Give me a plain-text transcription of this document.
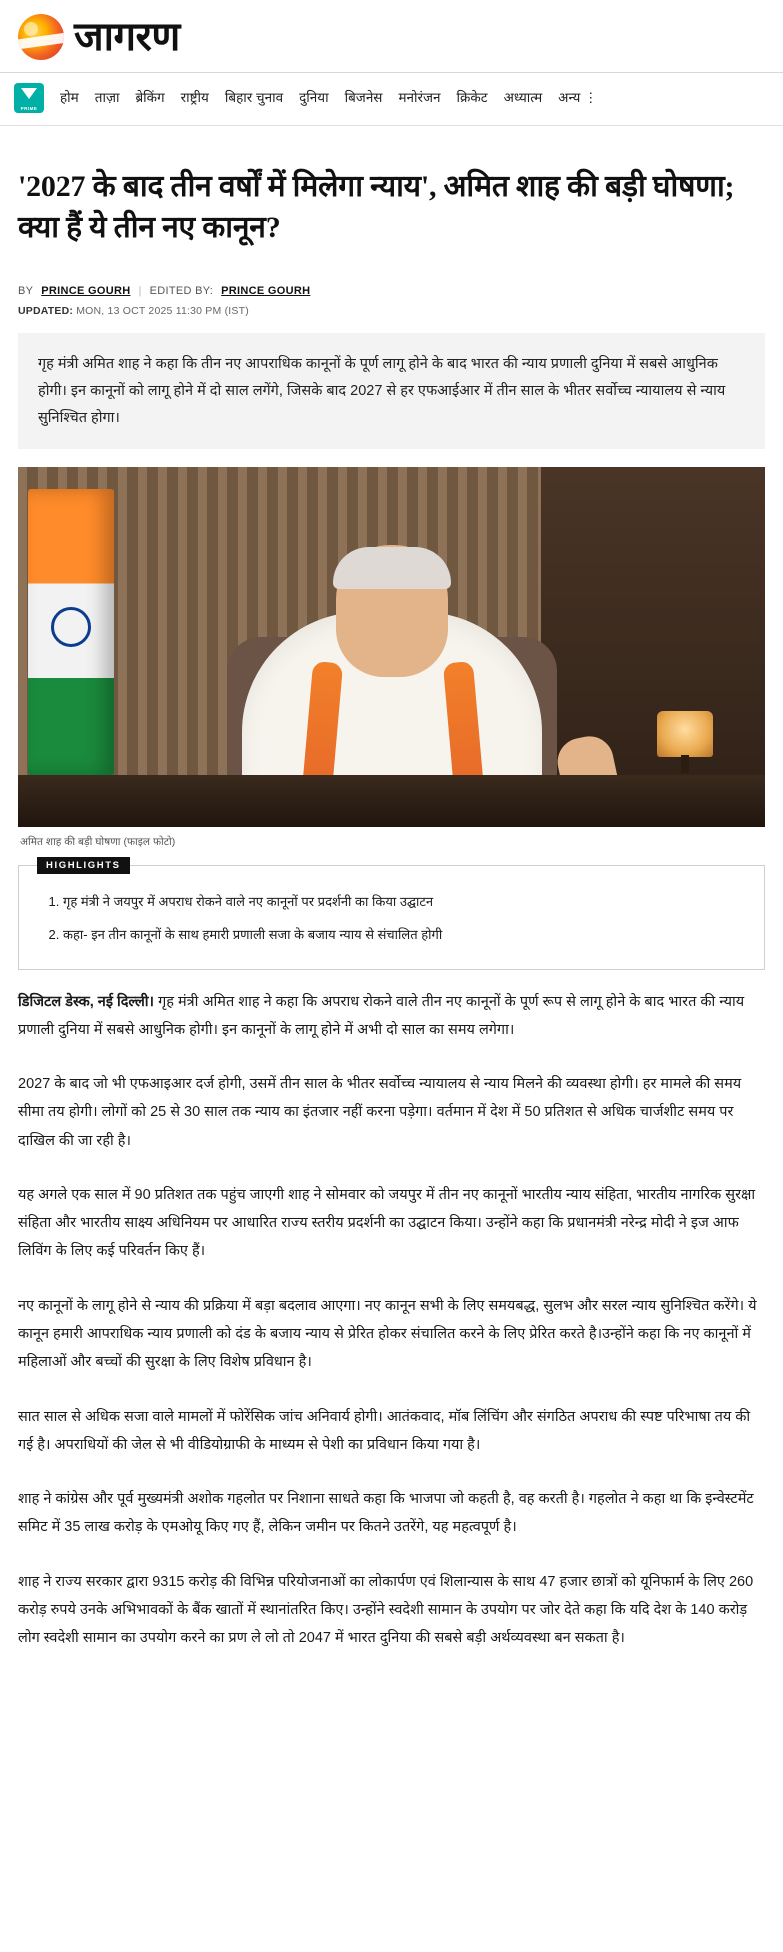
जागरण
PRIME
होम ताज़ा ब्रेकिंग राष्ट्रीय बिहार चुनाव दुनिया बिजनेस मनोरंजन क्रिकेट अध्यात्म अन्य ⋮
'2027 के बाद तीन वर्षों में मिलेगा न्याय', अमित शाह की बड़ी घोषणा; क्या हैं ये तीन नए कानून?
BY PRINCE GOURH | EDITED BY: PRINCE GOURH
UPDATED: MON, 13 OCT 2025 11:30 PM (IST)
गृह मंत्री अमित शाह ने कहा कि तीन नए आपराधिक कानूनों के पूर्ण लागू होने के बाद भारत की न्याय प्रणाली दुनिया में सबसे आधुनिक होगी। इन कानूनों को लागू होने में दो साल लगेंगे, जिसके बाद 2027 से हर एफआईआर में तीन साल के भीतर सर्वोच्च न्यायालय से न्याय सुनिश्चित होगा।
अमित शाह की बड़ी घोषणा (फाइल फोटो)
HIGHLIGHTS
1. गृह मंत्री ने जयपुर में अपराध रोकने वाले नए कानूनों पर प्रदर्शनी का किया उद्घाटन
2. कहा- इन तीन कानूनों के साथ हमारी प्रणाली सजा के बजाय न्याय से संचालित होगी

डिजिटल डेस्क, नई दिल्ली। गृह मंत्री अमित शाह ने कहा कि अपराध रोकने वाले तीन नए कानूनों के पूर्ण रूप से लागू होने के बाद भारत की न्याय प्रणाली दुनिया में सबसे आधुनिक होगी। इन कानूनों के लागू होने में अभी दो साल का समय लगेगा।

2027 के बाद जो भी एफआइआर दर्ज होगी, उसमें तीन साल के भीतर सर्वोच्च न्यायालय से न्याय मिलने की व्यवस्था होगी। हर मामले की समय सीमा तय होगी। लोगों को 25 से 30 साल तक न्याय का इंतजार नहीं करना पड़ेगा। वर्तमान में देश में 50 प्रतिशत से अधिक चार्जशीट समय पर दाखिल की जा रही है।

यह अगले एक साल में 90 प्रतिशत तक पहुंच जाएगी शाह ने सोमवार को जयपुर में तीन नए कानूनों भारतीय न्याय संहिता, भारतीय नागरिक सुरक्षा संहिता और भारतीय साक्ष्य अधिनियम पर आधारित राज्य स्तरीय प्रदर्शनी का उद्घाटन किया। उन्होंने कहा कि प्रधानमंत्री नरेन्द्र मोदी ने इज आफ लिविंग के लिए कई परिवर्तन किए हैं।

नए कानूनों के लागू होने से न्याय की प्रक्रिया में बड़ा बदलाव आएगा। नए कानून सभी के लिए समयबद्ध, सुलभ और सरल न्याय सुनिश्चित करेंगे। ये कानून हमारी आपराधिक न्याय प्रणाली को दंड के बजाय न्याय से प्रेरित होकर संचालित करने के लिए प्रेरित करते है।उन्होंने कहा कि नए कानूनों में महिलाओं और बच्चों की सुरक्षा के लिए विशेष प्रविधान है।

सात साल से अधिक सजा वाले मामलों में फोरेंसिक जांच अनिवार्य होगी। आतंकवाद, मॉब लिंचिंग और संगठित अपराध की स्पष्ट परिभाषा तय की गई है। अपराधियों की जेल से भी वीडियोग्राफी के माध्यम से पेशी का प्रविधान किया गया है।

शाह ने कांग्रेस और पूर्व मुख्यमंत्री अशोक गहलोत पर निशाना साधते कहा कि भाजपा जो कहती है, वह करती है। गहलोत ने कहा था कि इन्वेस्टमेंट समिट में 35 लाख करोड़ के एमओयू किए गए हैं, लेकिन जमीन पर कितने उतरेंगे, यह महत्वपूर्ण है।

शाह ने राज्य सरकार द्वारा 9315 करोड़ की विभिन्न परियोजनाओं का लोकार्पण एवं शिलान्यास के साथ 47 हजार छात्रों को यूनिफार्म के लिए 260 करोड़ रुपये उनके अभिभावकों के बैंक खातों में स्थानांतरित किए। उन्होंने स्वदेशी सामान के उपयोग पर जोर देते कहा कि यदि देश के 140 करोड़ लोग स्वदेशी सामान का उपयोग करने का प्रण ले लो तो 2047 में भारत दुनिया की सबसे बड़ी अर्थव्यवस्था बन सकता है।
